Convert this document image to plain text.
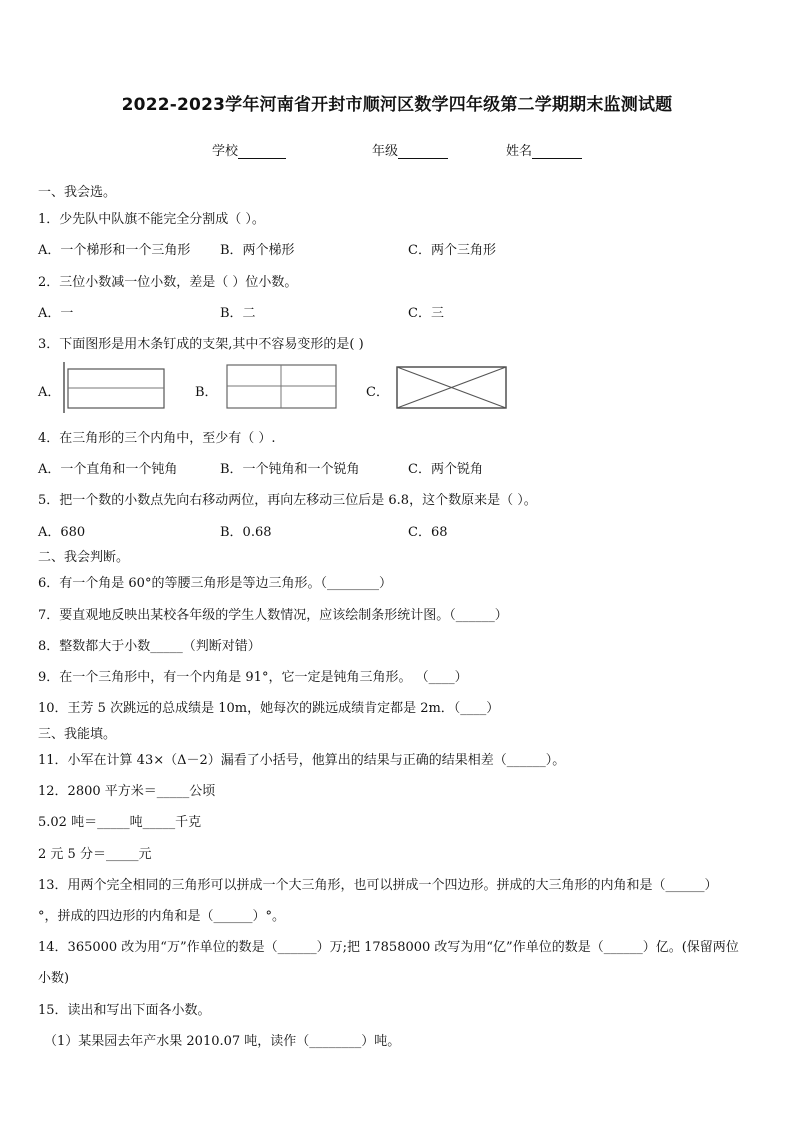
2022-2023学年河南省开封市顺河区数学四年级第二学期期末监测试题
学校	年级	姓名
一、我会选。
1．少先队中队旗不能完全分割成（ ）。
A．一个梯形和一个三角形 B．两个梯形	C．两个三角形
2．三位小数减一位小数，差是（ ）位小数。
A．一	B．二	C．三
3．下面图形是用木条钉成的支架,其中不容易变形的是( )
A．	B．	C．
4．在三角形的三个内角中，至少有（ ）.
A．一个直角和一个钝角	B．一个钝角和一个锐角	C．两个锐角
5．把一个数的小数点先向右移动两位，再向左移动三位后是 6.8，这个数原来是（ ）。
A．680	B．0.68	C．68
二、我会判断。
6．有一个角是 60°的等腰三角形是等边三角形。（________）
7．要直观地反映出某校各年级的学生人数情况，应该绘制条形统计图。（______）
8．整数都大于小数_____（判断对错）
9．在一个三角形中，有一个内角是 91°，它一定是钝角三角形。 （____）
10．王芳 5 次跳远的总成绩是 10m，她每次的跳远成绩肯定都是 2m．（____）
三、我能填。
11．小军在计算 43×（Δ－2）漏看了小括号，他算出的结果与正确的结果相差（______）。
12．2800 平方米＝_____公顷
5.02 吨＝_____吨_____千克
2 元 5 分＝_____元
13．用两个完全相同的三角形可以拼成一个大三角形，也可以拼成一个四边形。拼成的大三角形的内角和是（______）
°，拼成的四边形的内角和是（______）°。
14．365000 改为用“万”作单位的数是（______）万;把 17858000 改写为用“亿”作单位的数是（______）亿。(保留两位
小数)
15．读出和写出下面各小数。
（1）某果园去年产水果 2010.07 吨，读作（________）吨。
